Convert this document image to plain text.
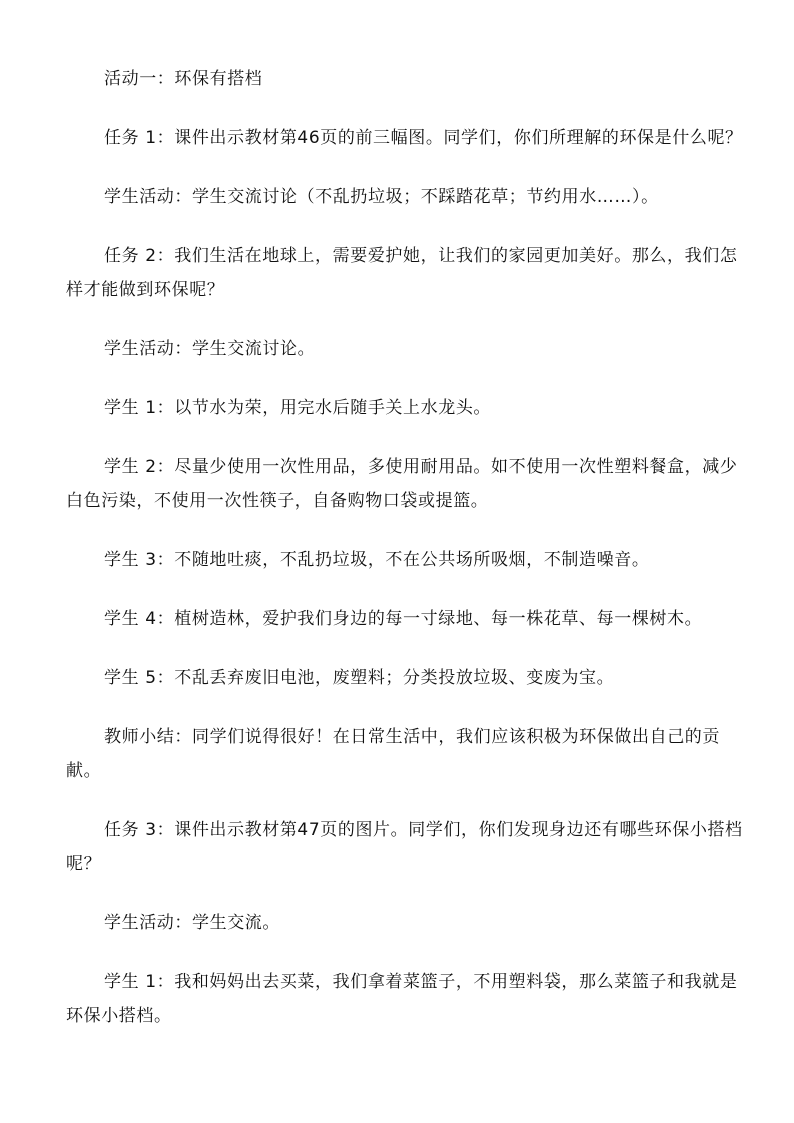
活动一：环保有搭档

任务 1：课件出示教材第46页的前三幅图。同学们，你们所理解的环保是什么呢？

学生活动：学生交流讨论（不乱扔垃圾；不踩踏花草；节约用水……）。

任务 2：我们生活在地球上，需要爱护她，让我们的家园更加美好。那么，我们怎样才能做到环保呢？

学生活动：学生交流讨论。

学生 1：以节水为荣，用完水后随手关上水龙头。

学生 2：尽量少使用一次性用品，多使用耐用品。如不使用一次性塑料餐盒，减少白色污染，不使用一次性筷子，自备购物口袋或提篮。

学生 3：不随地吐痰，不乱扔垃圾，不在公共场所吸烟，不制造噪音。

学生 4：植树造林，爱护我们身边的每一寸绿地、每一株花草、每一棵树木。

学生 5：不乱丢弃废旧电池，废塑料；分类投放垃圾、变废为宝。

教师小结：同学们说得很好！在日常生活中，我们应该积极为环保做出自己的贡献。

任务 3：课件出示教材第47页的图片。同学们，你们发现身边还有哪些环保小搭档呢？

学生活动：学生交流。

学生 1：我和妈妈出去买菜，我们拿着菜篮子，不用塑料袋，那么菜篮子和我就是环保小搭档。
